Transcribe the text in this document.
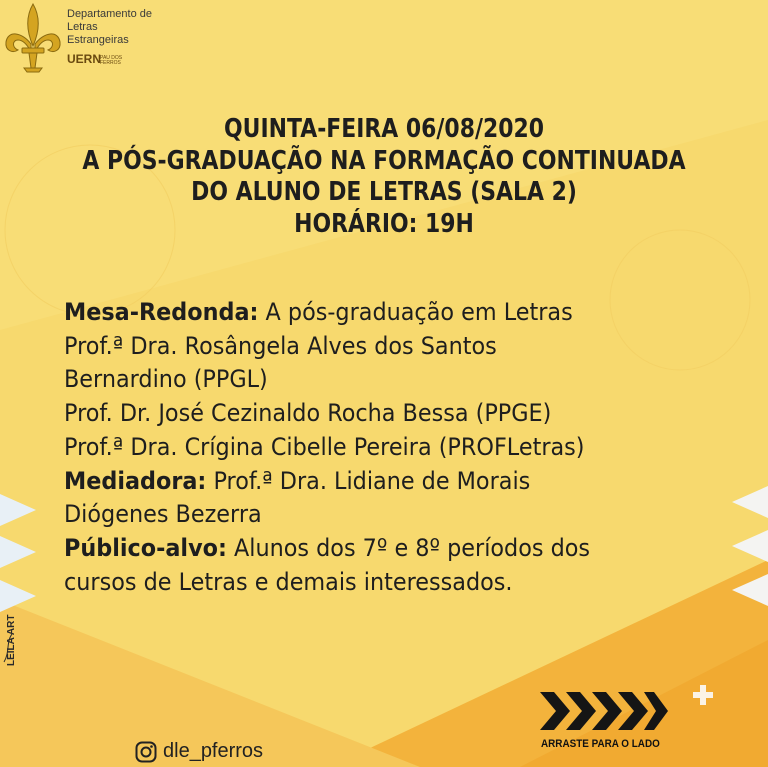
Departamento de
Letras
Estrangeiras
UERN
PAU DOS
FERROS
QUINTA-FEIRA 06/08/2020
A PÓS-GRADUAÇÃO NA FORMAÇÃO CONTINUADA
DO ALUNO DE LETRAS (SALA 2)
HORÁRIO: 19H
Mesa-Redonda: A pós-graduação em Letras
Prof.ª Dra. Rosângela Alves dos Santos
Bernardino (PPGL)
Prof. Dr. José Cezinaldo Rocha Bessa (PPGE)
Prof.ª Dra. Crígina Cibelle Pereira (PROFLetras)
Mediadora: Prof.ª Dra. Lidiane de Morais
Diógenes Bezerra
Público-alvo: Alunos dos 7º e 8º períodos dos
cursos de Letras e demais interessados.
LEILA ART
dle_pferros	ARRASTE PARA O LADO
